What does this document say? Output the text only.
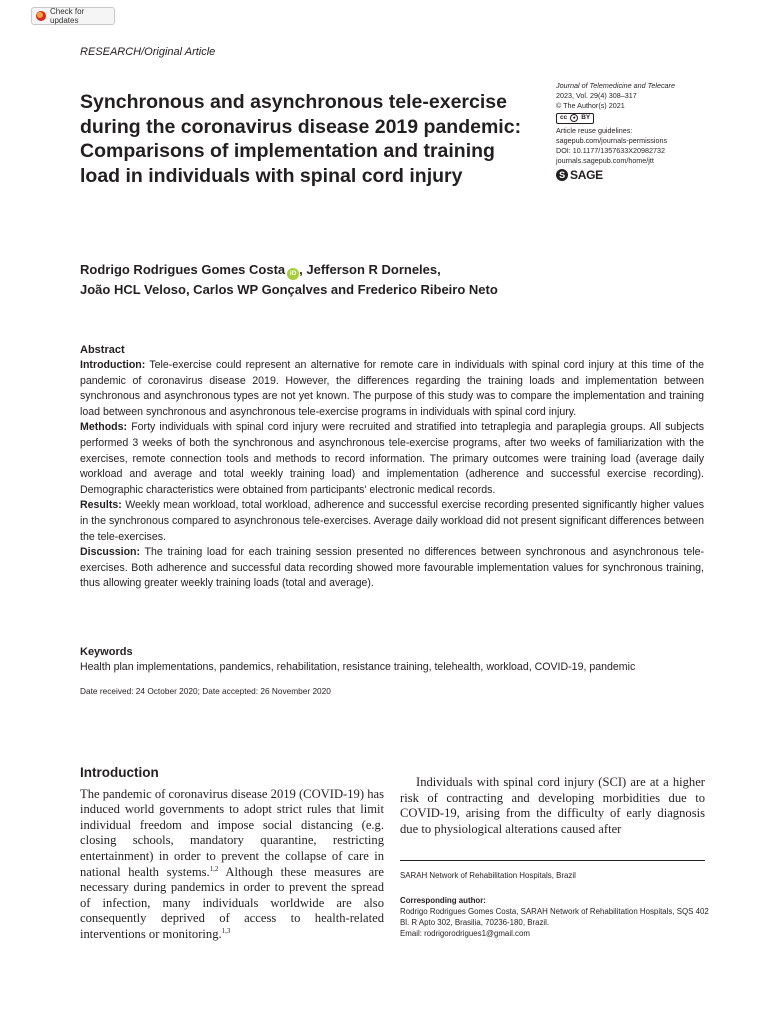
Check for updates
RESEARCH/Original Article
Journal of Telemedicine and Telecare
2023, Vol. 29(4) 308–317
© The Author(s) 2021
cc	● BY
Article reuse guidelines:
sagepub.com/journals-permissions
DOI: 10.1177/1357633X20982732
journals.sagepub.com/home/jtt
S SAGE
Synchronous and asynchronous tele-exercise during the coronavirus disease 2019 pandemic: Comparisons of implementation and training load in individuals with spinal cord injury
Rodrigo Rodrigues Gomes Costa iD , Jefferson R Dorneles,
João HCL Veloso, Carlos WP Gonçalves and Frederico Ribeiro Neto
Abstract

Introduction: Tele-exercise could represent an alternative for remote care in individuals with spinal cord injury at this time of the pandemic of coronavirus disease 2019. However, the differences regarding the training loads and implementation between synchronous and asynchronous types are not yet known. The purpose of this study was to compare the implementation and training load between synchronous and asynchronous tele-exercise programs in individuals with spinal cord injury.

Methods: Forty individuals with spinal cord injury were recruited and stratified into tetraplegia and paraplegia groups. All subjects performed 3 weeks of both the synchronous and asynchronous tele-exercise programs, after two weeks of familiarization with the exercises, remote connection tools and methods to record information. The primary outcomes were training load (average daily workload and average and total weekly training load) and implementation (adherence and successful exercise recording). Demographic characteristics were obtained from participants' electronic medical records.

Results: Weekly mean workload, total workload, adherence and successful exercise recording presented significantly higher values in the synchronous compared to asynchronous tele-exercises. Average daily workload did not present significant differences between the tele-exercises.

Discussion: The training load for each training session presented no differences between synchronous and asynchronous tele-exercises. Both adherence and successful data recording showed more favourable implementation values for synchronous training, thus allowing greater weekly training loads (total and average).

Keywords
Health plan implementations, pandemics, rehabilitation, resistance training, telehealth, workload, COVID-19, pandemic
Date received: 24 October 2020; Date accepted: 26 November 2020
Introduction

The pandemic of coronavirus disease 2019 (COVID-19) has induced world governments to adopt strict rules that limit individual freedom and impose social distancing (e.g. closing schools, mandatory quarantine, restricting entertainment) in order to prevent the collapse of care in national health systems.$^{1,2}$ Although these measures are necessary during pandemics in order to prevent the spread of infection, many individuals worldwide are also consequently deprived of access to health-related interventions or monitoring.$^{1,3}$

Individuals with spinal cord injury (SCI) are at a higher risk of contracting and developing morbidities due to COVID-19, arising from the difficulty of early diagnosis due to physiological alterations caused after

SARAH Network of Rehabilitation Hospitals, Brazil
Corresponding author:
Rodrigo Rodrigues Gomes Costa, SARAH Network of Rehabilitation Hospitals, SQS 402 Bl. R Apto 302, Brasilia, 70236-180, Brazil.
Email: rodrigorodrigues1@gmail.com
